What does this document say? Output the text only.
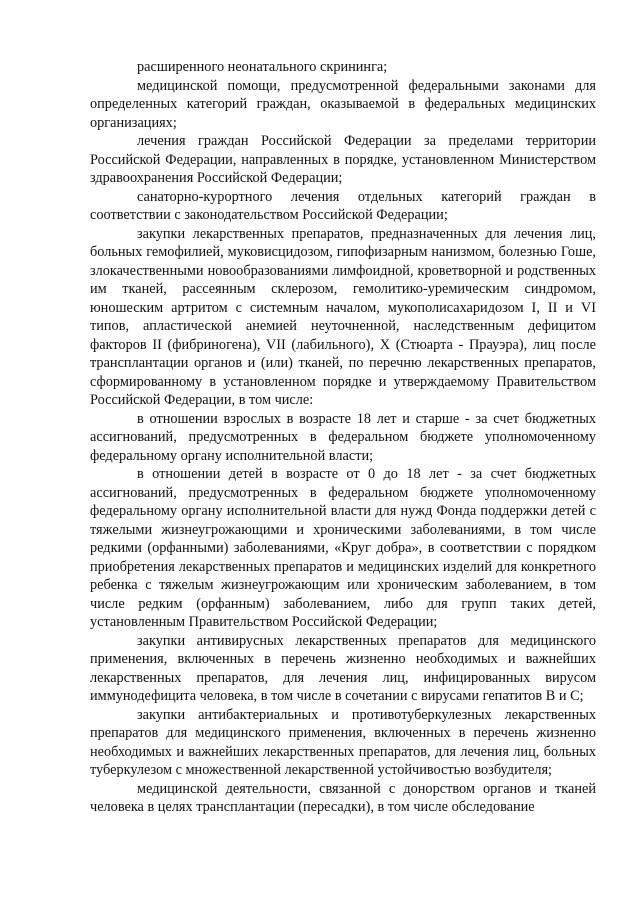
расширенного неонатального скрининга;

медицинской помощи, предусмотренной федеральными законами для определенных категорий граждан, оказываемой в федеральных медицинских организациях;

лечения граждан Российской Федерации за пределами территории Российской Федерации, направленных в порядке, установленном Министерством здравоохранения Российской Федерации;

санаторно-курортного лечения отдельных категорий граждан в соответствии с законодательством Российской Федерации;

закупки лекарственных препаратов, предназначенных для лечения лиц, больных гемофилией, муковисцидозом, гипофизарным нанизмом, болезнью Гоше, злокачественными новообразованиями лимфоидной, кроветворной и родственных им тканей, рассеянным склерозом, гемолитико-уремическим синдромом, юношеским артритом с системным началом, мукополисахаридозом I, II и VI типов, апластической анемией неуточненной, наследственным дефицитом факторов II (фибриногена), VII (лабильного), X (Стюарта - Прауэра), лиц после трансплантации органов и (или) тканей, по перечню лекарственных препаратов, сформированному в установленном порядке и утверждаемому Правительством Российской Федерации, в том числе:

в отношении взрослых в возрасте 18 лет и старше - за счет бюджетных ассигнований, предусмотренных в федеральном бюджете уполномоченному федеральному органу исполнительной власти;

в отношении детей в возрасте от 0 до 18 лет - за счет бюджетных ассигнований, предусмотренных в федеральном бюджете уполномоченному федеральному органу исполнительной власти для нужд Фонда поддержки детей с тяжелыми жизнеугрожающими и хроническими заболеваниями, в том числе редкими (орфанными) заболеваниями, «Круг добра», в соответствии с порядком приобретения лекарственных препаратов и медицинских изделий для конкретного ребенка с тяжелым жизнеугрожающим или хроническим заболеванием, в том числе редким (орфанным) заболеванием, либо для групп таких детей, установленным Правительством Российской Федерации;

закупки антивирусных лекарственных препаратов для медицинского применения, включенных в перечень жизненно необходимых и важнейших лекарственных препаратов, для лечения лиц, инфицированных вирусом иммунодефицита человека, в том числе в сочетании с вирусами гепатитов B и C;

закупки антибактериальных и противотуберкулезных лекарственных препаратов для медицинского применения, включенных в перечень жизненно необходимых и важнейших лекарственных препаратов, для лечения лиц, больных туберкулезом с множественной лекарственной устойчивостью возбудителя;

медицинской деятельности, связанной с донорством органов и тканей человека в целях трансплантации (пересадки), в том числе обследование
